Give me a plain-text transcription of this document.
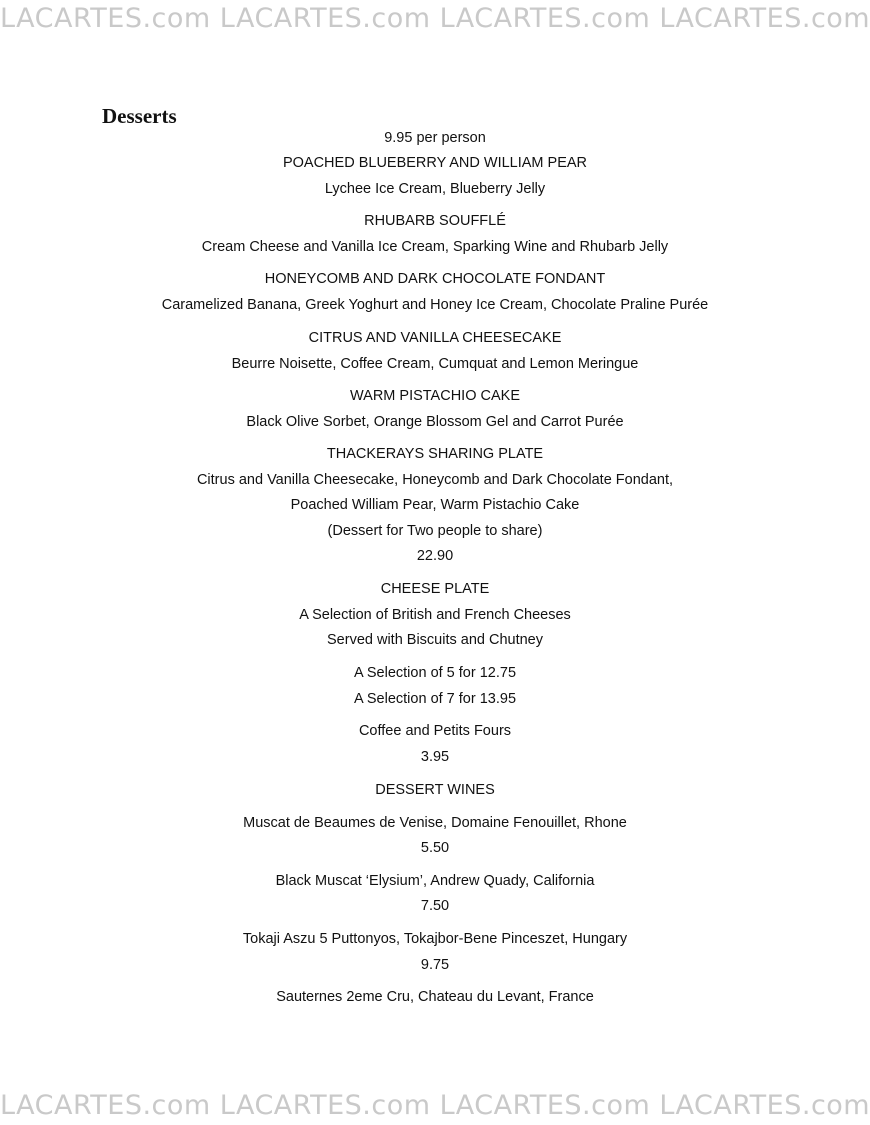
LACARTES.com LACARTES.com LACARTES.com LACARTES.com
Desserts
9.95 per person
POACHED BLUEBERRY AND WILLIAM PEAR
Lychee Ice Cream, Blueberry Jelly
RHUBARB SOUFFLÉ
Cream Cheese and Vanilla Ice Cream, Sparking Wine and Rhubarb Jelly
HONEYCOMB AND DARK CHOCOLATE FONDANT
Caramelized Banana, Greek Yoghurt and Honey Ice Cream, Chocolate Praline Purée
CITRUS AND VANILLA CHEESECAKE
Beurre Noisette, Coffee Cream, Cumquat and Lemon Meringue
WARM PISTACHIO CAKE
Black Olive Sorbet, Orange Blossom Gel and Carrot Purée
THACKERAYS SHARING PLATE
Citrus and Vanilla Cheesecake, Honeycomb and Dark Chocolate Fondant,
Poached William Pear, Warm Pistachio Cake
(Dessert for Two people to share)
22.90
CHEESE PLATE
A Selection of British and French Cheeses
Served with Biscuits and Chutney
A Selection of 5 for 12.75
A Selection of 7 for 13.95
Coffee and Petits Fours
3.95
DESSERT WINES
Muscat de Beaumes de Venise, Domaine Fenouillet, Rhone
5.50
Black Muscat ‘Elysium’, Andrew Quady, California
7.50
Tokaji Aszu 5 Puttonyos, Tokajbor-Bene Pinceszet, Hungary
9.75
Sauternes 2eme Cru, Chateau du Levant, France
LACARTES.com LACARTES.com LACARTES.com LACARTES.com
